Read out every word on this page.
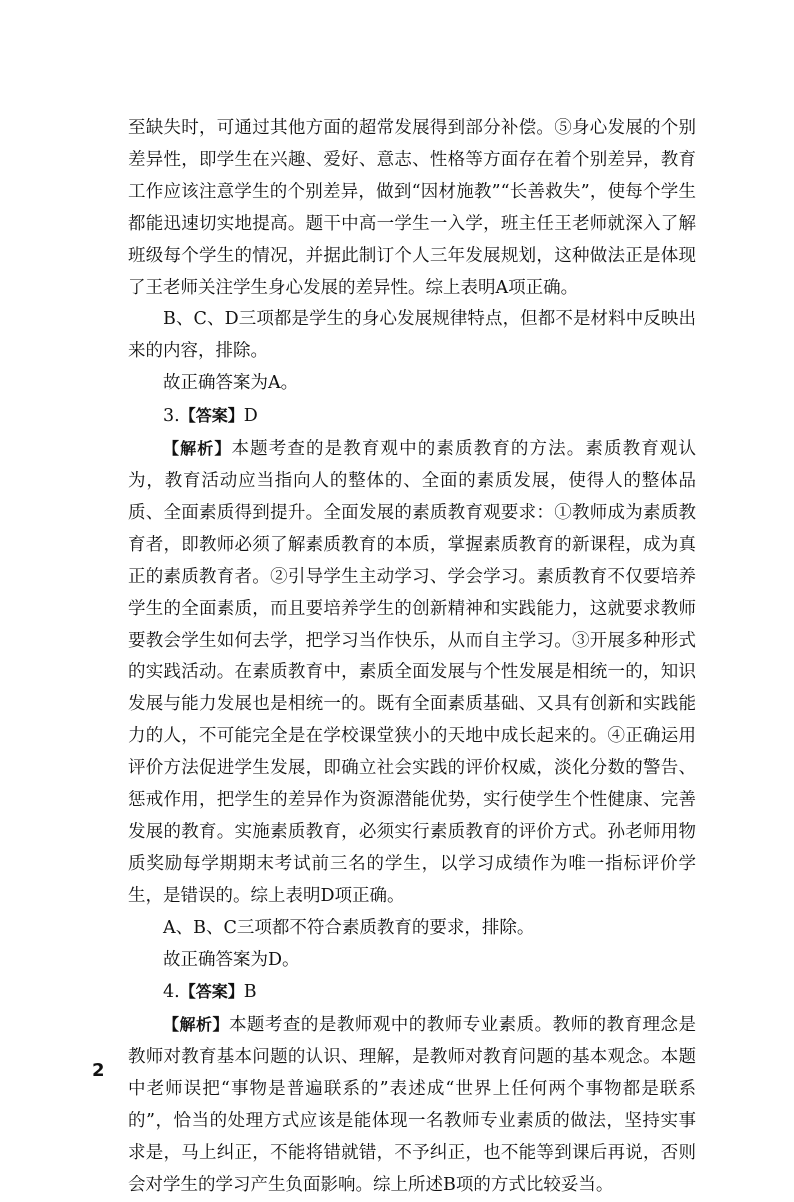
至缺失时，可通过其他方面的超常发展得到部分补偿。⑤身心发展的个别差异性，即学生在兴趣、爱好、意志、性格等方面存在着个别差异，教育工作应该注意学生的个别差异，做到“因材施教”“长善救失”，使每个学生都能迅速切实地提高。题干中高一学生一入学，班主任王老师就深入了解班级每个学生的情况，并据此制订个人三年发展规划，这种做法正是体现了王老师关注学生身心发展的差异性。综上表明A项正确。

B、C、D三项都是学生的身心发展规律特点，但都不是材料中反映出来的内容，排除。

故正确答案为A。

3.【答案】D

【解析】本题考查的是教育观中的素质教育的方法。素质教育观认为，教育活动应当指向人的整体的、全面的素质发展，使得人的整体品质、全面素质得到提升。全面发展的素质教育观要求：①教师成为素质教育者，即教师必须了解素质教育的本质，掌握素质教育的新课程，成为真正的素质教育者。②引导学生主动学习、学会学习。素质教育不仅要培养学生的全面素质，而且要培养学生的创新精神和实践能力，这就要求教师要教会学生如何去学，把学习当作快乐，从而自主学习。③开展多种形式的实践活动。在素质教育中，素质全面发展与个性发展是相统一的，知识发展与能力发展也是相统一的。既有全面素质基础、又具有创新和实践能力的人，不可能完全是在学校课堂狭小的天地中成长起来的。④正确运用评价方法促进学生发展，即确立社会实践的评价权威，淡化分数的警告、惩戒作用，把学生的差异作为资源潜能优势，实行使学生个性健康、完善发展的教育。实施素质教育，必须实行素质教育的评价方式。孙老师用物质奖励每学期期末考试前三名的学生，以学习成绩作为唯一指标评价学生，是错误的。综上表明D项正确。

A、B、C三项都不符合素质教育的要求，排除。

故正确答案为D。

4.【答案】B

【解析】本题考查的是教师观中的教师专业素质。教师的教育理念是教师对教育基本问题的认识、理解，是教师对教育问题的基本观念。本题中老师误把“事物是普遍联系的”表述成“世界上任何两个事物都是联系的”，恰当的处理方式应该是能体现一名教师专业素质的做法，坚持实事求是，马上纠正，不能将错就错，不予纠正，也不能等到课后再说，否则会对学生的学习产生负面影响。综上所述B项的方式比较妥当。

2
